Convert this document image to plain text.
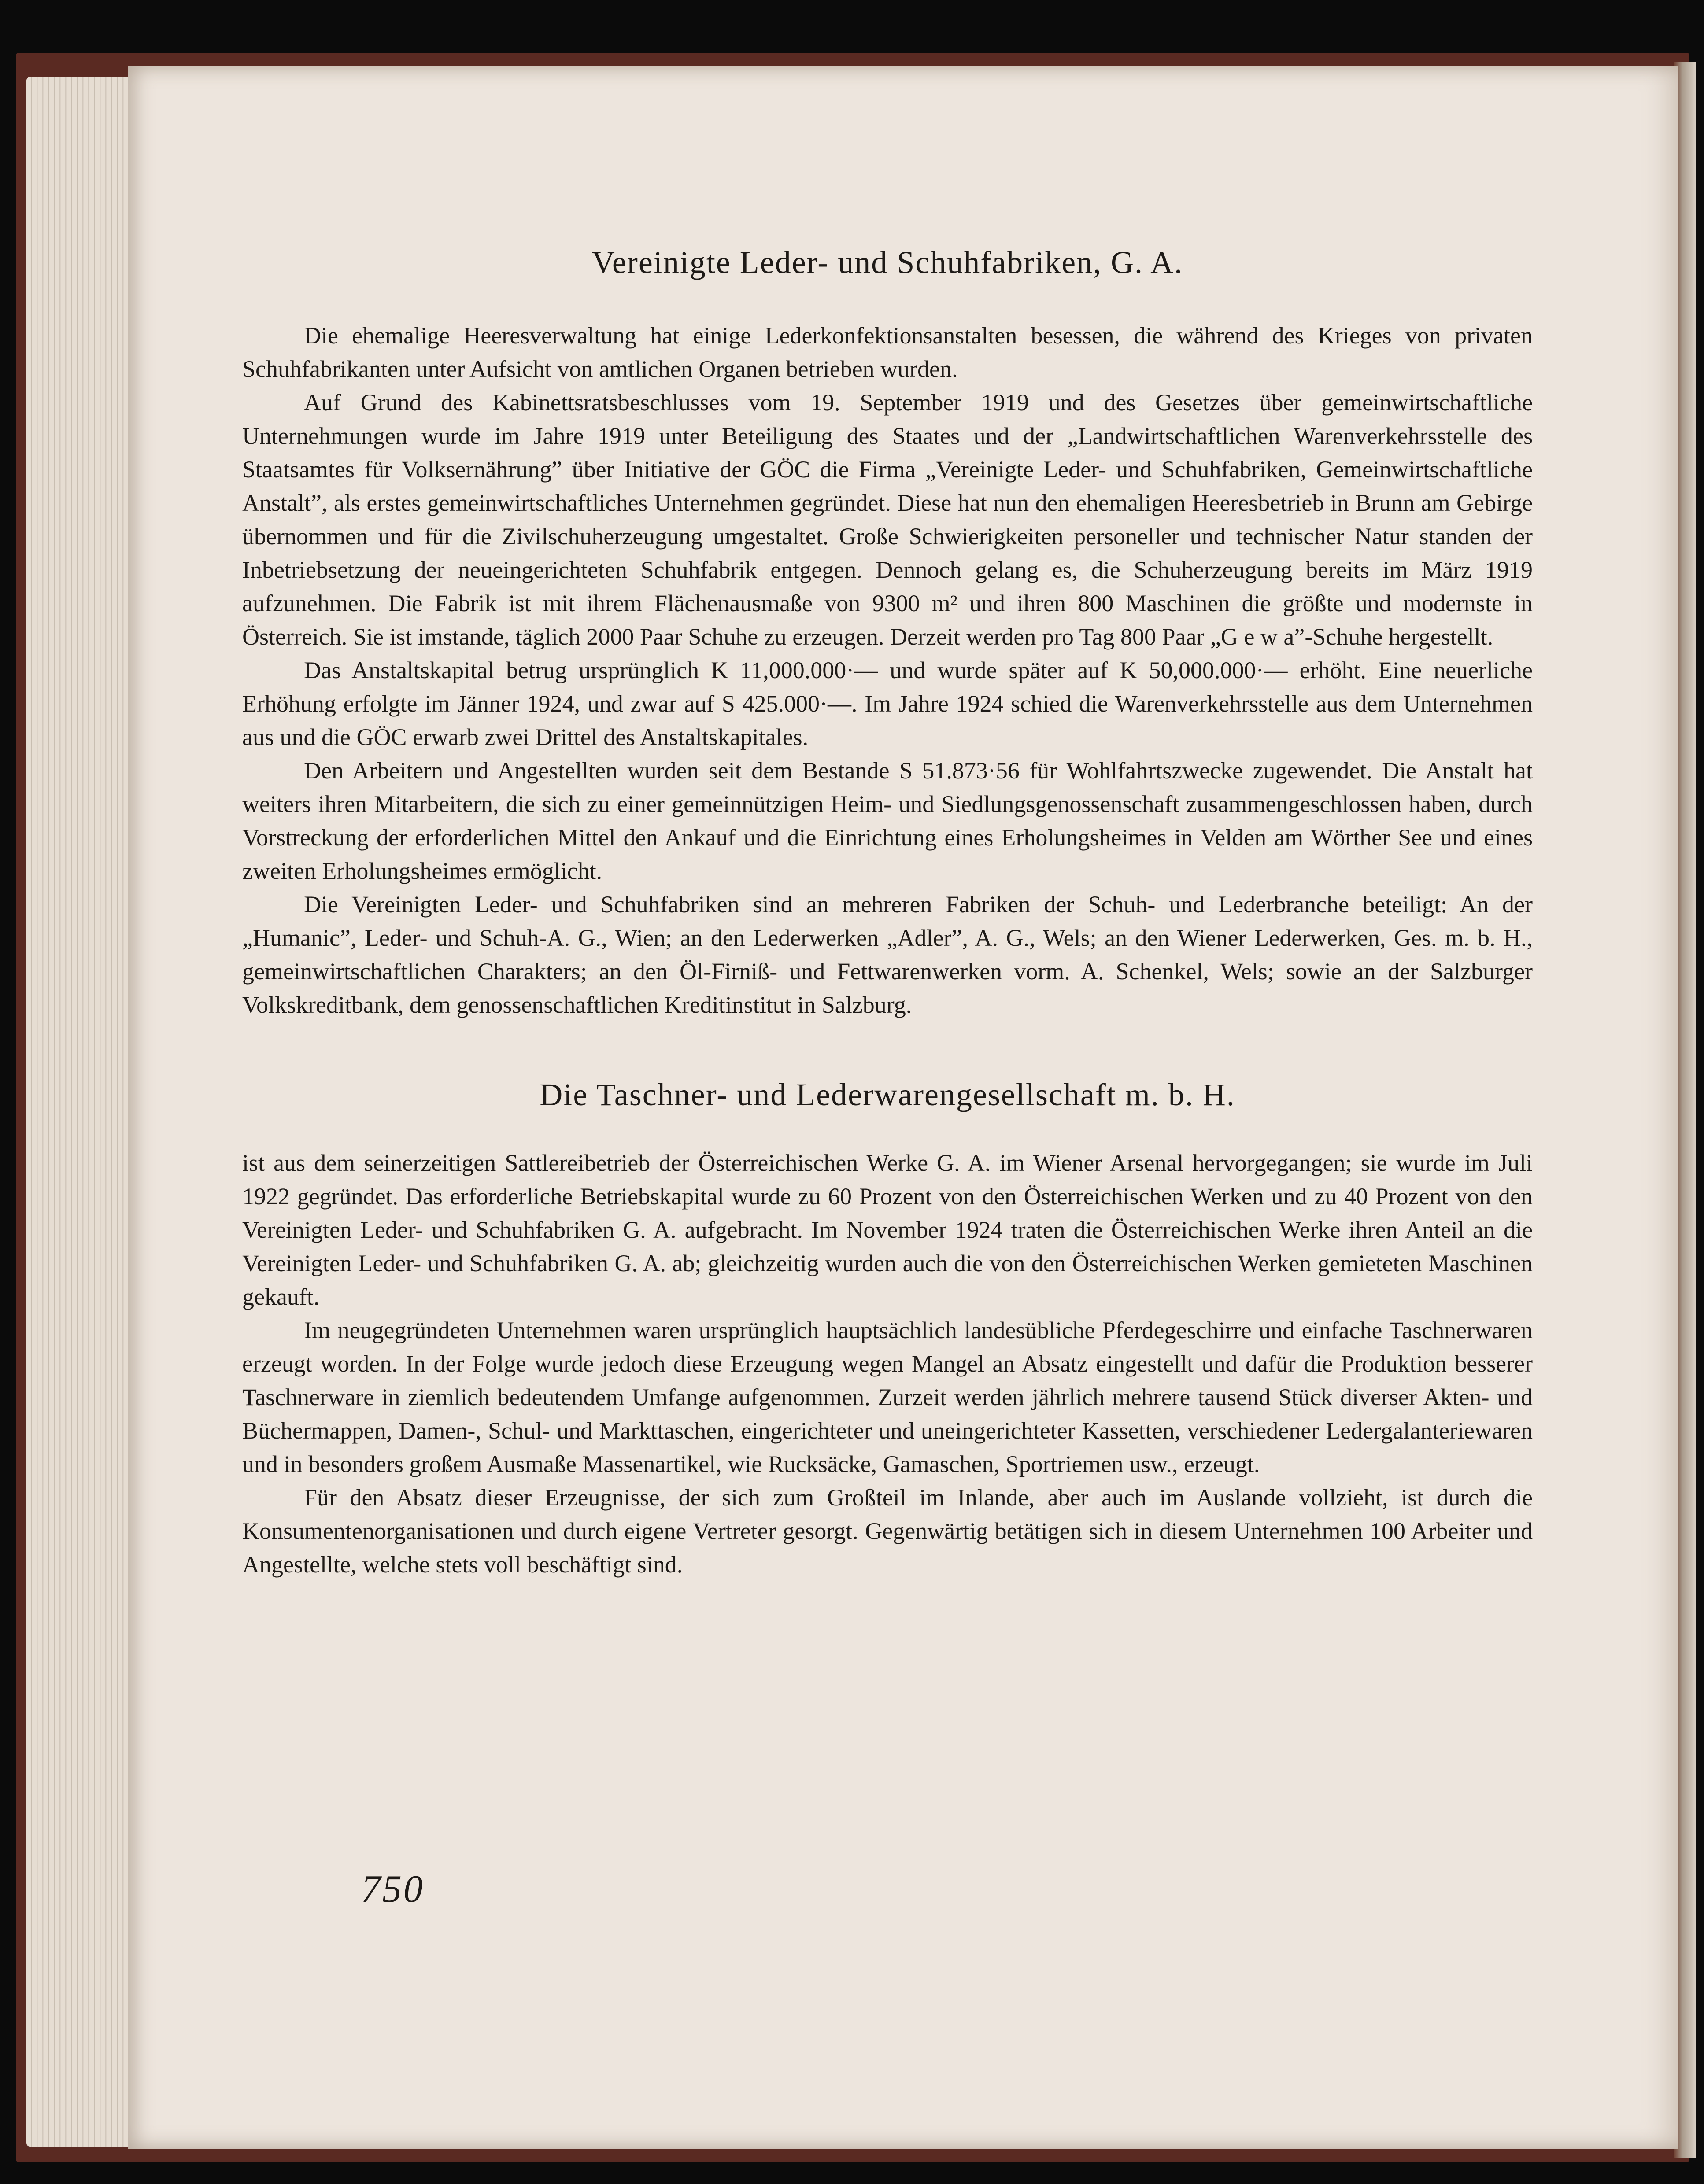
Vereinigte Leder- und Schuhfabriken, G. A.

Die ehemalige Heeresverwaltung hat einige Lederkonfektionsanstalten besessen, die während des Krieges von privaten Schuhfabrikanten unter Aufsicht von amtlichen Organen betrieben wurden.

Auf Grund des Kabinettsratsbeschlusses vom 19. September 1919 und des Gesetzes über gemeinwirtschaftliche Unternehmungen wurde im Jahre 1919 unter Beteiligung des Staates und der „Landwirtschaftlichen Warenverkehrsstelle des Staatsamtes für Volksernährung” über Initiative der GÖC die Firma „Vereinigte Leder- und Schuhfabriken, Gemeinwirtschaftliche Anstalt”, als erstes gemeinwirtschaftliches Unternehmen gegründet. Diese hat nun den ehemaligen Heeresbetrieb in Brunn am Gebirge übernommen und für die Zivilschuherzeugung umgestaltet. Große Schwierigkeiten personeller und technischer Natur standen der Inbetriebsetzung der neueingerichteten Schuhfabrik entgegen. Dennoch gelang es, die Schuherzeugung bereits im März 1919 aufzunehmen. Die Fabrik ist mit ihrem Flächenausmaße von 9300 m² und ihren 800 Maschinen die größte und modernste in Österreich. Sie ist imstande, täglich 2000 Paar Schuhe zu erzeugen. Derzeit werden pro Tag 800 Paar „G e w a”-Schuhe hergestellt.

Das Anstaltskapital betrug ursprünglich K 11,000.000·— und wurde später auf K 50,000.000·— erhöht. Eine neuerliche Erhöhung erfolgte im Jänner 1924, und zwar auf S 425.000·—. Im Jahre 1924 schied die Warenverkehrsstelle aus dem Unternehmen aus und die GÖC erwarb zwei Drittel des Anstaltskapitales.

Den Arbeitern und Angestellten wurden seit dem Bestande S 51.873·56 für Wohlfahrtszwecke zugewendet. Die Anstalt hat weiters ihren Mitarbeitern, die sich zu einer gemeinnützigen Heim- und Siedlungsgenossenschaft zusammengeschlossen haben, durch Vorstreckung der erforderlichen Mittel den Ankauf und die Einrichtung eines Erholungsheimes in Velden am Wörther See und eines zweiten Erholungsheimes ermöglicht.

Die Vereinigten Leder- und Schuhfabriken sind an mehreren Fabriken der Schuh- und Lederbranche beteiligt: An der „Humanic”, Leder- und Schuh-A. G., Wien; an den Lederwerken „Adler”, A. G., Wels; an den Wiener Lederwerken, Ges. m. b. H., gemeinwirtschaftlichen Charakters; an den Öl-Firniß- und Fettwarenwerken vorm. A. Schenkel, Wels; sowie an der Salzburger Volkskreditbank, dem genossenschaftlichen Kreditinstitut in Salzburg.

Die Taschner- und Lederwarengesellschaft m. b. H.

ist aus dem seinerzeitigen Sattlereibetrieb der Österreichischen Werke G. A. im Wiener Arsenal hervorgegangen; sie wurde im Juli 1922 gegründet. Das erforderliche Betriebskapital wurde zu 60 Prozent von den Österreichischen Werken und zu 40 Prozent von den Vereinigten Leder- und Schuhfabriken G. A. aufgebracht. Im November 1924 traten die Österreichischen Werke ihren Anteil an die Vereinigten Leder- und Schuhfabriken G. A. ab; gleichzeitig wurden auch die von den Österreichischen Werken gemieteten Maschinen gekauft.

Im neugegründeten Unternehmen waren ursprünglich hauptsächlich landesübliche Pferdegeschirre und einfache Taschnerwaren erzeugt worden. In der Folge wurde jedoch diese Erzeugung wegen Mangel an Absatz eingestellt und dafür die Produktion besserer Taschnerware in ziemlich bedeutendem Umfange aufgenommen. Zurzeit werden jährlich mehrere tausend Stück diverser Akten- und Büchermappen, Damen-, Schul- und Markttaschen, eingerichteter und uneingerichteter Kassetten, verschiedener Ledergalanteriewaren und in besonders großem Ausmaße Massenartikel, wie Rucksäcke, Gamaschen, Sportriemen usw., erzeugt.

Für den Absatz dieser Erzeugnisse, der sich zum Großteil im Inlande, aber auch im Auslande vollzieht, ist durch die Konsumentenorganisationen und durch eigene Vertreter gesorgt. Gegenwärtig betätigen sich in diesem Unternehmen 100 Arbeiter und Angestellte, welche stets voll beschäftigt sind.

750
